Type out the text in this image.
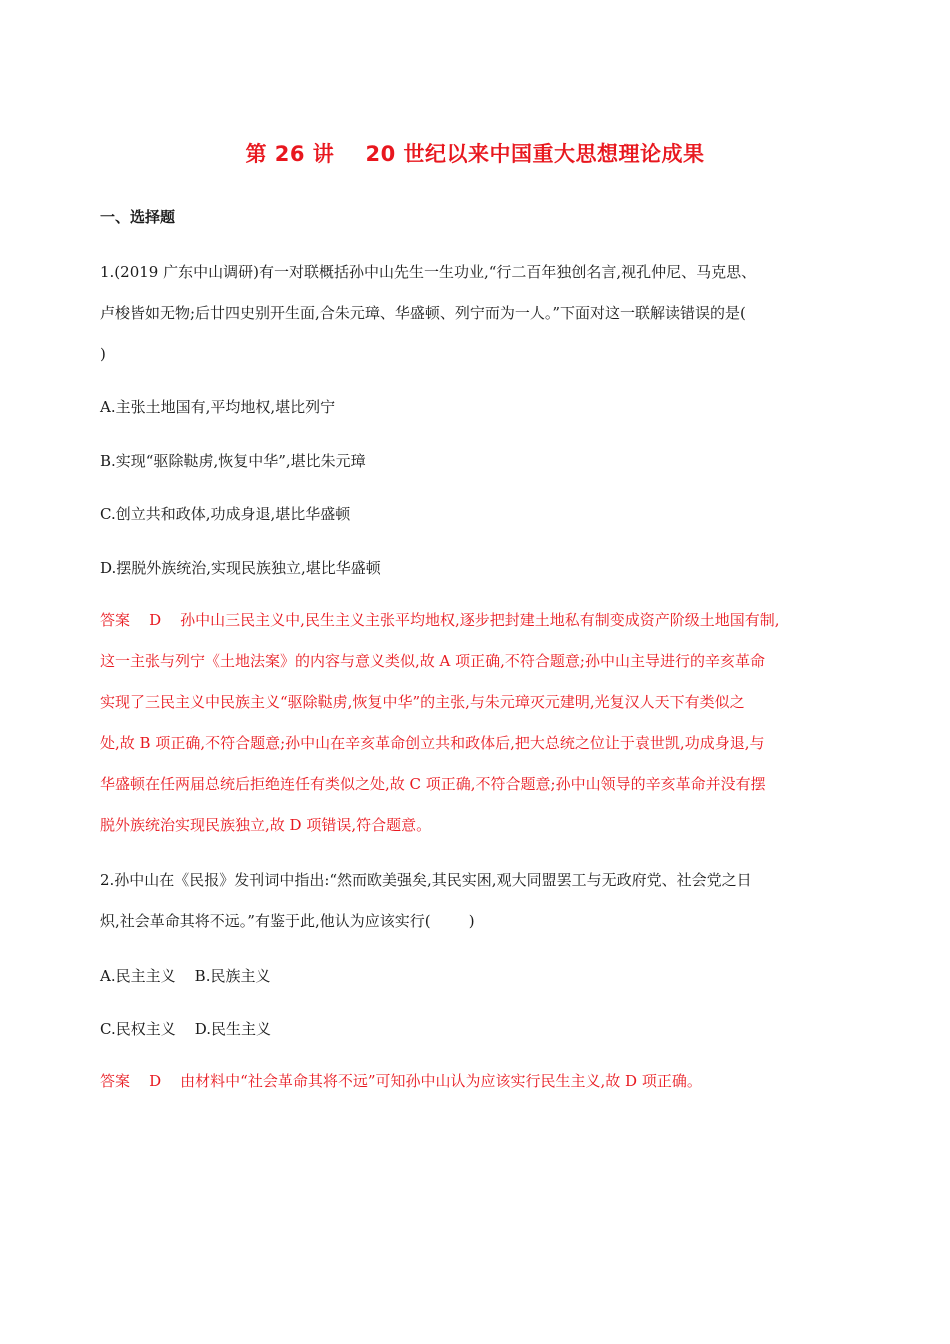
第 26 讲    20 世纪以来中国重大思想理论成果
一、选择题
1.(2019 广东中山调研)有一对联概括孙中山先生一生功业,“行二百年独创名言,视孔仲尼、马克思、
卢梭皆如无物;后廿四史别开生面,合朱元璋、华盛顿、列宁而为一人。”下面对这一联解读错误的是(
)
A.主张土地国有,平均地权,堪比列宁
B.实现“驱除鞑虏,恢复中华”,堪比朱元璋
C.创立共和政体,功成身退,堪比华盛顿
D.摆脱外族统治,实现民族独立,堪比华盛顿
答案    D    孙中山三民主义中,民生主义主张平均地权,逐步把封建土地私有制变成资产阶级土地国有制,
这一主张与列宁《土地法案》的内容与意义类似,故 A 项正确,不符合题意;孙中山主导进行的辛亥革命
实现了三民主义中民族主义“驱除鞑虏,恢复中华”的主张,与朱元璋灭元建明,光复汉人天下有类似之
处,故 B 项正确,不符合题意;孙中山在辛亥革命创立共和政体后,把大总统之位让于袁世凯,功成身退,与
华盛顿在任两届总统后拒绝连任有类似之处,故 C 项正确,不符合题意;孙中山领导的辛亥革命并没有摆
脱外族统治实现民族独立,故 D 项错误,符合题意。
2.孙中山在《民报》发刊词中指出:“然而欧美强矣,其民实困,观大同盟罢工与无政府党、社会党之日
炽,社会革命其将不远。”有鉴于此,他认为应该实行(        )
A.民主主义    B.民族主义
C.民权主义    D.民生主义
答案    D    由材料中“社会革命其将不远”可知孙中山认为应该实行民生主义,故 D 项正确。
